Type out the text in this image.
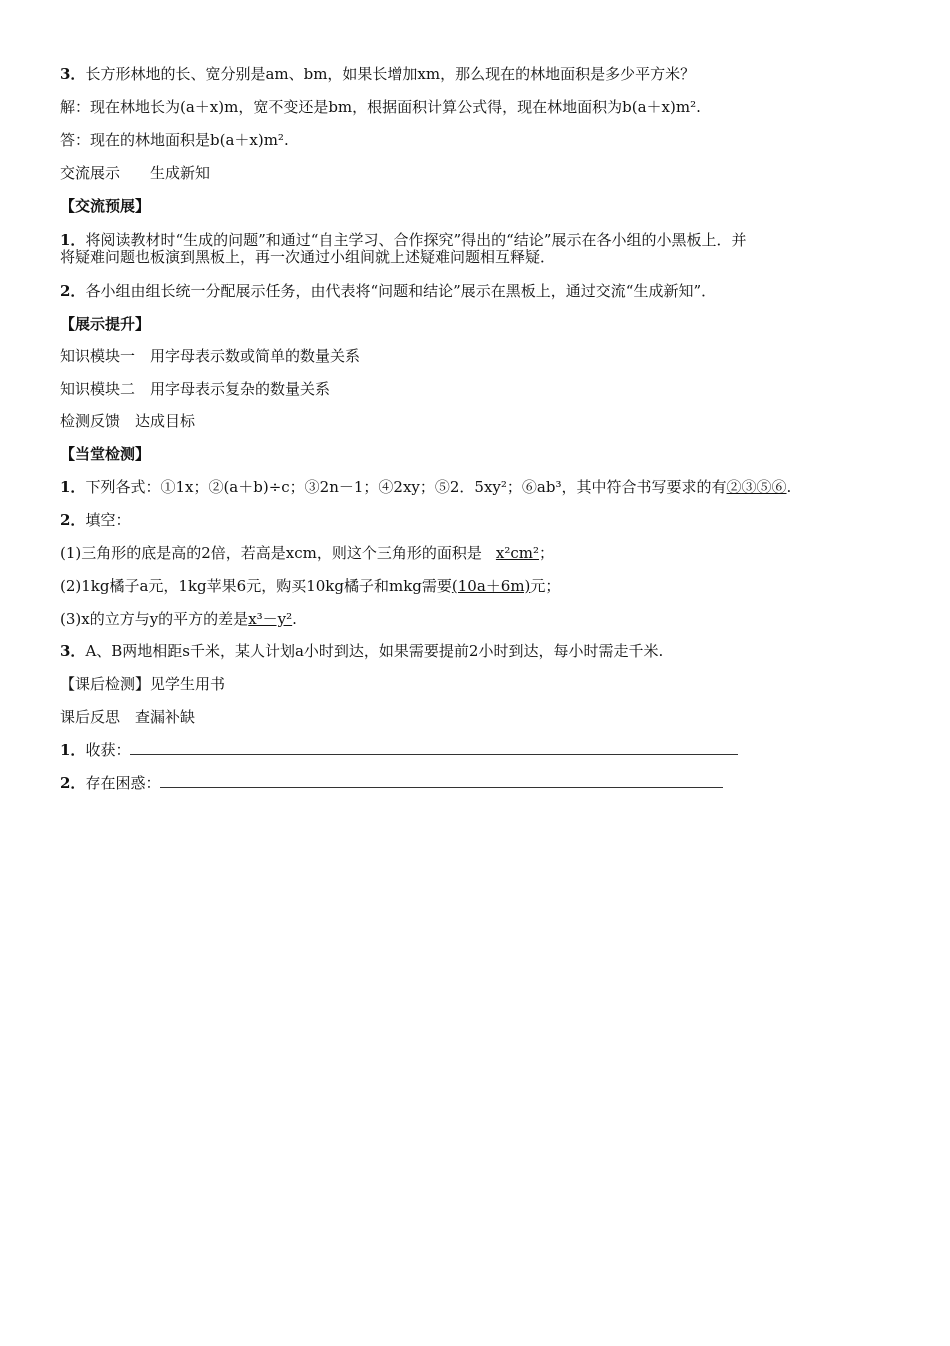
3．长方形林地的长、宽分别是am、bm，如果长增加xm，那么现在的林地面积是多少平方米？
解：现在林地长为(a＋x)m，宽不变还是bm，根据面积计算公式得，现在林地面积为b(a＋x)m².
答：现在的林地面积是b(a＋x)m².
交流展示　　生成新知
【交流预展】
1．将阅读教材时“生成的问题”和通过“自主学习、合作探究”得出的“结论”展示在各小组的小黑板上．并
将疑难问题也板演到黑板上，再一次通过小组间就上述疑难问题相互释疑．
2．各小组由组长统一分配展示任务，由代表将“问题和结论”展示在黑板上，通过交流“生成新知”．
【展示提升】
知识模块一　用字母表示数或简单的数量关系
知识模块二　用字母表示复杂的数量关系
检测反馈　达成目标
【当堂检测】
1．下列各式：①1x；②(a＋b)÷c；③2n－1；④2xy；⑤2．5xy²；⑥ab³，其中符合书写要求的有②③⑤⑥.
2．填空：
(1)三角形的底是高的2倍，若高是xcm，则这个三角形的面积是 x²cm²；
(2)1kg橘子a元，1kg苹果6元，购买10kg橘子和mkg需要(10a＋6m)元；
(3)x的立方与y的平方的差是x³－y².
3．A、B两地相距s千米，某人计划a小时到达，如果需要提前2小时到达，每小时需走千米.
【课后检测】见学生用书
课后反思　查漏补缺
1．收获：
2．存在困惑：
